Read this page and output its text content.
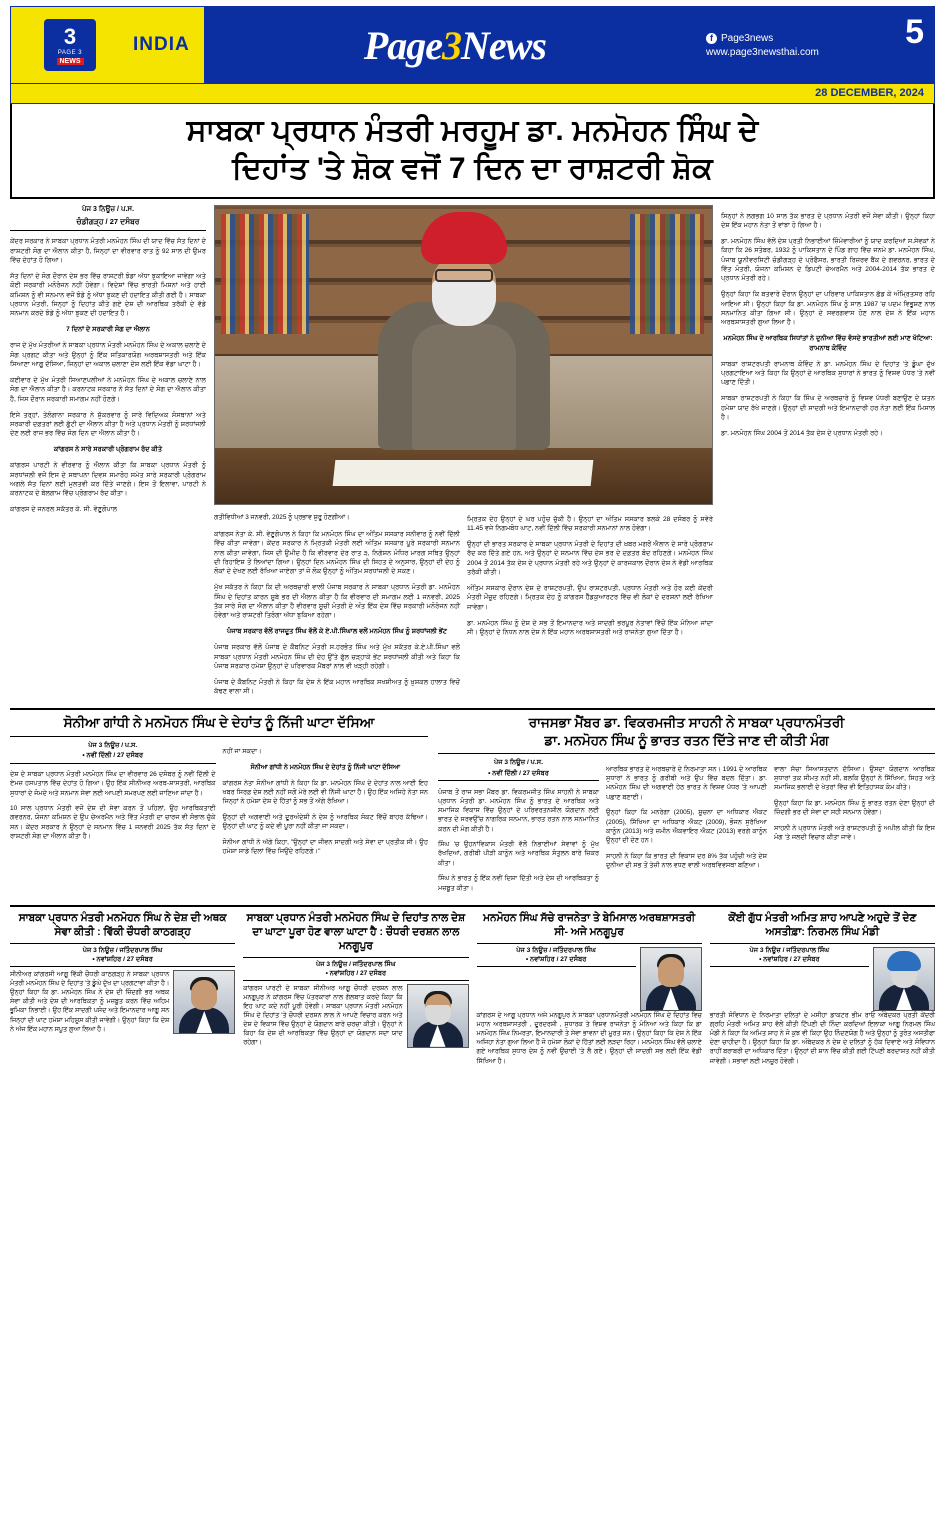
3
PAGE 3
NEWS
INDIA	Page3News	f Page3news
www.page3newsthai.com
5
28 DECEMBER, 2024
ਸਾਬਕਾ ਪ੍ਰਧਾਨ ਮੰਤਰੀ ਮਰਹੂਮ ਡਾ. ਮਨਮੋਹਨ ਸਿੰਘ ਦੇ
ਦਿਹਾਂਤ 'ਤੇ ਸ਼ੋਕ ਵਜੋਂ 7 ਦਿਨ ਦਾ ਰਾਸ਼ਟਰੀ ਸ਼ੋਕ
ਪੇਜ 3 ਨਿਊਜ਼ / ਪ.ਸ.
ਚੰਡੀਗੜ੍ਹ / 27 ਦਸੰਬਰ

ਕੇਂਦਰ ਸਰਕਾਰ ਨੇ ਸਾਬਕਾ ਪ੍ਰਧਾਨ ਮੰਤਰੀ ਮਨਮੋਹਨ ਸਿੰਘ ਦੀ ਯਾਦ ਵਿੱਚ ਸੱਤ ਦਿਨਾਂ ਦੇ ਰਾਸ਼ਟਰੀ ਸੋਗ ਦਾ ਐਲਾਨ ਕੀਤਾ ਹੈ, ਜਿਨ੍ਹਾਂ ਦਾ ਵੀਰਵਾਰ ਰਾਤ ਨੂੰ 92 ਸਾਲ ਦੀ ਉਮਰ ਵਿੱਚ ਦੇਹਾਂਤ ਹੋ ਗਿਆ।

ਸੱਤ ਦਿਨਾਂ ਦੇ ਸੋਗ ਦੌਰਾਨ ਦੇਸ਼ ਭਰ ਵਿੱਚ ਰਾਸ਼ਟਰੀ ਝੰਡਾ ਅੱਧਾ ਝੁਕਾਇਆ ਜਾਵੇਗਾ ਅਤੇ ਕੋਈ ਸਰਕਾਰੀ ਮਨੋਰੰਜਨ ਨਹੀਂ ਹੋਵੇਗਾ। ਵਿਦੇਸ਼ਾਂ ਵਿੱਚ ਭਾਰਤੀ ਮਿਸ਼ਨਾਂ ਅਤੇ ਹਾਈ ਕਮਿਸ਼ਨ ਨੂੰ ਵੀ ਸਨਮਾਨ ਵਜੋਂ ਝੰਡੇ ਨੂੰ ਅੱਧਾ ਝੁਕਣ ਦੀ ਹਦਾਇਤ ਕੀਤੀ ਗਈ ਹੈ। ਸਾਬਕਾ ਪ੍ਰਧਾਨ ਮੰਤਰੀ, ਜਿਨ੍ਹਾਂ ਨੂੰ ਦਿਹਾਂਤ ਕੀਤੇ ਗਏ ਦੇਸ਼ ਦੀ ਆਰਥਿਕ ਤਰੱਕੀ ਦੇ ਵੱਡੇ ਸਨਮਾਨ ਕਰਦੇ ਝੰਡੇ ਨੂੰ ਅੱਧਾ ਝੁਕਣ ਦੀ ਹਦਾਇਤ ਹੈ।

7 ਦਿਨਾਂ ਦੇ ਸਰਕਾਰੀ ਸੋਗ ਦਾ ਐਲਾਨ

ਰਾਜ ਦੇ ਮੁੱਖ ਮੰਤਰੀਆਂ ਨੇ ਸਾਬਕਾ ਪ੍ਰਧਾਨ ਮੰਤਰੀ ਮਨਮੋਹਨ ਸਿੰਘ ਦੇ ਅਕਾਲ ਚਲਾਣੇ ਦੇ ਸੋਗ ਪ੍ਰਗਟ ਕੀਤਾ ਅਤੇ ਉਨ੍ਹਾਂ ਨੂੰ ਇੱਕ ਸਤਿਕਾਰਯੋਗ ਅਰਥਸ਼ਾਸਤਰੀ ਅਤੇ ਇੱਕ ਸਿਆਣਾ ਆਗੂ ਦੱਸਿਆ, ਜਿਨ੍ਹਾਂ ਦਾ ਅਕਾਲ ਚਲਾਣਾ ਦੇਸ਼ ਲਈ ਇੱਕ ਵੱਡਾ ਘਾਟਾ ਹੈ।

ਕਈਵਾਰ ਦੇ ਮੁੱਖ ਮੰਤਰੀ ਸਿਆਣਪਲੀਆਂ ਨੇ ਮਨਮੋਹਨ ਸਿੰਘ ਦੇ ਅਕਾਲ ਚਲਾਣੇ ਨਾਲ ਸੋਗ ਦਾ ਐਲਾਨ ਕੀਤਾ ਹੈ। ਕਰਨਾਟਕ ਸਰਕਾਰ ਨੇ ਸੱਤ ਦਿਨਾਂ ਦੇ ਸੋਗ ਦਾ ਐਲਾਨ ਕੀਤਾ ਹੈ, ਜਿਸ ਦੌਰਾਨ ਸਰਕਾਰੀ ਸਮਾਗਮ ਨਹੀਂ ਹੋਣਗੇ।

ਇਸੇ ਤਰ੍ਹਾਂ, ਤੇਲੰਗਾਨਾ ਸਰਕਾਰ ਨੇ ਸ਼ੁੱਕਰਵਾਰ ਨੂੰ ਸਾਰੇ ਵਿਦਿਅਕ ਸੰਸਥਾਨਾਂ ਅਤੇ ਸਰਕਾਰੀ ਦਫ਼ਤਰਾਂ ਲਈ ਛੁੱਟੀ ਦਾ ਐਲਾਨ ਕੀਤਾ ਹੈ ਅਤੇ ਪ੍ਰਧਾਨ ਮੰਤਰੀ ਨੂੰ ਸ਼ਰਧਾਂਜਲੀ ਦੇਣ ਲਈ ਰਾਜ ਭਰ ਵਿੱਚ ਸੋਗ ਦਿਨ ਦਾ ਐਲਾਨ ਕੀਤਾ ਹੈ।

ਕਾਂਗਰਸ ਨੇ ਸਾਰੇ ਸਰਕਾਰੀ ਪ੍ਰੋਗਰਾਮ ਰੱਦ ਕੀਤੇ

ਕਾਂਗਰਸ ਪਾਰਟੀ ਨੇ ਵੀਰਵਾਰ ਨੂੰ ਐਲਾਨ ਕੀਤਾ ਕਿ ਸਾਬਕਾ ਪ੍ਰਧਾਨ ਮੰਤਰੀ ਨੂੰ ਸ਼ਰਧਾਂਜਲੀ ਵਜੋਂ ਇਸ ਦੇ ਸਥਾਪਨਾ ਦਿਵਸ ਸਮਾਰੋਹ ਸਮੇਤ ਸਾਰੇ ਸਰਕਾਰੀ ਪ੍ਰੋਗਰਾਮ ਅਗਲੇ ਸੱਤ ਦਿਨਾਂ ਲਈ ਮੁਲਤਵੀ ਕਰ ਦਿੱਤੇ ਜਾਣਗੇ। ਇਸ ਤੋਂ ਇਲਾਵਾ, ਪਾਰਟੀ ਨੇ ਕਰਨਾਟਕ ਦੇ ਬੇਲਗਾਮ ਵਿੱਚ ਪ੍ਰੋਗਰਾਮ ਰੱਦ ਕੀਤਾ।

ਕਾਂਗਰਸ ਦੇ ਜਨਰਲ ਸਕੱਤਰ ਕੇ. ਸੀ. ਵੇਣੂਗੋਪਾਲ

ਗਤੀਵਿਧੀਆਂ 3 ਜਨਵਰੀ, 2025 ਨੂੰ ਪ੍ਰਭਾਵ ਸ਼ੁਰੂ ਹੋਣਗੀਆਂ।

ਕਾਂਗਰਸ ਨੇਤਾ ਕੇ. ਸੀ. ਵੇਣੂਗੋਪਾਲ ਨੇ ਕਿਹਾ ਕਿ ਮਨਮੋਹਨ ਸਿੰਘ ਦਾ ਅੰਤਿਮ ਸਸਕਾਰ ਸਨੀਵਾਰ ਨੂੰ ਨਵੀਂ ਦਿੱਲੀ ਵਿੱਚ ਕੀਤਾ ਜਾਵੇਗਾ। ਕੇਂਦਰ ਸਰਕਾਰ ਨੇ ਮ੍ਰਿਤਕੀ ਮੰਤਰੀ ਲਈ ਅੰਤਿਮ ਸਸਕਾਰ ਪੂਰੇ ਸਰਕਾਰੀ ਸਨਮਾਨ ਨਾਲ ਕੀਤਾ ਜਾਵੇਗਾ, ਜਿਸ ਦੀ ਉਮੀਦ ਹੈ ਕਿ ਵੀਰਵਾਰ ਦੇਰ ਰਾਤ ੩, ਨਿਗੇਸ਼ਨ ਮੰਧਿਰ ਮਾਰਗ ਸਥਿਤ ਉਨ੍ਹਾਂ ਦੀ ਰਿਹਾਇਸ਼ ਤੋਂ ਲਿਆਂਦਾ ਗਿਆ। ਉਨ੍ਹਾਂ ਦਿਨ ਮਨਮੋਹਨ ਸਿੰਘ ਦੀ ਸਿਹਤ ਦੇ ਅਨੁਸਾਰ, ਉਨ੍ਹਾਂ ਦੀ ਦੇਹ ਨੂੰ ਲੋਕਾਂ ਦੇ ਦੇਖਣ ਲਈ ਰੱਖਿਆ ਜਾਏਗਾ ਤਾਂ ਜੋ ਲੋਕ ਉਨ੍ਹਾਂ ਨੂੰ ਅੰਤਿਮ ਸ਼ਰਧਾਂਜਲੀ ਦੇ ਸਕਣ।

ਮੁੱਖ ਸਕੱਤਰ ਨੇ ਕਿਹਾ ਕਿ ਦੀ ਅਰਥਚਾਰੀ ਵਾਲੀ ਪੰਜਾਬ ਸਰਕਾਰ ਨੇ ਸਾਬਕਾ ਪ੍ਰਧਾਨ ਮੰਤਰੀ ਡਾ. ਮਨਮੋਹਨ ਸਿੰਘ ਦੇ ਦਿਹਾਂਤ ਕਾਰਨ ਸੂਬੇ ਭਰ ਦੀ ਐਲਾਨ ਕੀਤਾ ਹੈ ਕਿ ਵੀਰਵਾਰ ਦੀ ਸਮਾਗਮ ਲਈ 1 ਜਨਵਰੀ, 2025 ਤੱਕ ਸਾਰੇ ਸੋਗ ਦਾ ਐਲਾਨ ਕੀਤਾ ਹੈ ਵੀਰਵਾਰ ਸੂਚੀ ਮੰਤਰੀ ਦੇ ਅੰਤ ਇੱਕ ਦੇਸ਼ ਵਿੱਚ ਸਰਕਾਰੀ ਮਨੋਰੰਜਨ ਨਹੀਂ ਹੋਵੇਗਾ ਅਤੇ ਰਾਸ਼ਟਰੀ ਤਿਰੰਗਾ ਅੱਧਾ ਝੁਕਿਆ ਰਹੇਗਾ।

ਪੰਜਾਬ ਸਰਕਾਰ ਵੱਲੋਂ ਰਾਜਦੂਤ ਸਿੰਘ ਵੱਲੋਂ ਕੇ ਏ.ਪੀ.ਸਿੰਘਾਲ ਵਲੋਂ ਮਨਮੋਹਨ ਸਿੰਘ ਨੂੰ ਸ਼ਰਧਾਂਜਲੀ ਭੇਂਟ

ਪੰਜਾਬ ਸਰਕਾਰ ਵੱਲੋਂ ਪੰਜਾਬ ਦੇ ਕੈਬਨਿਟ ਮੰਤਰੀ ਸ.ਹਰਭੰਤ ਸਿੰਘ ਅਤੇ ਮੁੱਖ ਸਕੱਤਰ ਕੇ.ਏ.ਪੀ.ਸਿੰਘਾ ਵਲੋਂ ਸਾਬਕਾ ਪ੍ਰਧਾਨ ਮੰਤਰੀ ਮਨਮੋਹਨ ਸਿੰਘ ਦੀ ਦੇਹ ਉੱਤੇ ਫੁੱਲ ਚੜ੍ਹਾਕੇ ਭੇਂਟ ਸ਼ਰਧਾਂਜਲੀ ਕੀਤੀ ਅਤੇ ਕਿਹਾ ਕਿ ਪੰਜਾਬ ਸਰਕਾਰ ਹਮੇਸ਼ਾ ਉਨ੍ਹਾਂ ਦੇ ਪਰਿਵਾਰਕ ਮੈਂਬਰਾਂ ਨਾਲ ਵੀ ਖੜ੍ਹੀ ਰਹੇਗੀ।

ਪੰਜਾਬ ਦੇ ਕੈਬਨਿਟ ਮੰਤਰੀ ਨੇ ਕਿਹਾ ਕਿ ਦੇਸ਼ ਨੇ ਇੱਕ ਮਹਾਨ ਆਰਥਿਕ ਸਖਸ਼ੀਅਤ ਨੂੰ ਖ਼ੁਸ਼ਕਲ ਹਾਲਾਤ ਵਿਚੋਂ ਕੱਢਣ ਵਾਲਾ ਸੀ।

ਮ੍ਰਿਤਕ ਦੇਹ ਉਨ੍ਹਾਂ ਦੇ ਘਰ ਪਹੁੰਚ ਚੁੱਕੀ ਹੈ। ਉਨ੍ਹਾਂ ਦਾ ਅੰਤਿਮ ਸਸਕਾਰ ਝਲਕੇ 28 ਦਸੰਬਰ ਨੂੰ ਸਵੇਰੇ 11.45 ਵਜੇ ਨਿਗਮਬੋਧ ਘਾਟ, ਨਵੀਂ ਦਿੱਲੀ ਵਿੱਚ ਸਰਕਾਰੀ ਸਨਮਾਨਾਂ ਨਾਲ ਹੋਵੇਗਾ।

ਉਨ੍ਹਾਂ ਦੀ ਭਾਰਤ ਸਰਕਾਰ ਦੇ ਸਾਬਕਾ ਪ੍ਰਧਾਨ ਮੰਤਰੀ ਦੇ ਦਿਹਾਂਤ ਦੀ ਖ਼ਬਰ ਮਗਰੋਂ ਐਲਾਨ ਦੇ ਸਾਰੇ ਪ੍ਰੋਗਰਾਮ ਰੱਦ ਕਰ ਦਿੱਤੇ ਗਏ ਹਨ, ਅਤੇ ਉਨ੍ਹਾਂ ਦੇ ਸਨਮਾਨ ਵਿੱਚ ਦੇਸ਼ ਭਰ ਦੇ ਦਫ਼ਤਰ ਬੰਦ ਰਹਿਣਗੇ। ਮਨਮੋਹਨ ਸਿੰਘ 2004 ਤੋਂ 2014 ਤੱਕ ਦੇਸ਼ ਦੇ ਪ੍ਰਧਾਨ ਮੰਤਰੀ ਰਹੇ ਅਤੇ ਉਨ੍ਹਾਂ ਦੇ ਕਾਰਜਕਾਲ ਦੌਰਾਨ ਦੇਸ਼ ਨੇ ਵੱਡੀ ਆਰਥਿਕ ਤਰੱਕੀ ਕੀਤੀ।

ਅੰਤਿਮ ਸਸਕਾਰ ਦੌਰਾਨ ਦੇਸ਼ ਦੇ ਰਾਸ਼ਟਰਪਤੀ, ਉਪ ਰਾਸ਼ਟਰਪਤੀ, ਪ੍ਰਧਾਨ ਮੰਤਰੀ ਅਤੇ ਹੋਰ ਕਈ ਕੇਂਦਰੀ ਮੰਤਰੀ ਮੌਜੂਦ ਰਹਿਣਗੇ। ਮ੍ਰਿਤਕ ਦੇਹ ਨੂੰ ਕਾਂਗਰਸ ਹੈੱਡਕੁਆਰਟਰ ਵਿੱਚ ਵੀ ਲੋਕਾਂ ਦੇ ਦਰਸ਼ਨਾਂ ਲਈ ਰੱਖਿਆ ਜਾਵੇਗਾ।

ਡਾ. ਮਨਮੋਹਨ ਸਿੰਘ ਨੂੰ ਦੇਸ਼ ਦੇ ਸਭ ਤੋਂ ਇਮਾਨਦਾਰ ਅਤੇ ਸਾਦਗੀ ਭਰਪੂਰ ਨੇਤਾਵਾਂ ਵਿੱਚੋਂ ਇੱਕ ਮੰਨਿਆ ਜਾਂਦਾ ਸੀ। ਉਨ੍ਹਾਂ ਦੇ ਨਿਧਨ ਨਾਲ ਦੇਸ਼ ਨੇ ਇੱਕ ਮਹਾਨ ਅਰਥਸ਼ਾਸਤਰੀ ਅਤੇ ਰਾਜਨੇਤਾ ਗੁਆ ਦਿੱਤਾ ਹੈ।

ਸਿਨ੍ਹਾਂ ਨੇ ਲਗਭਗ 10 ਸਾਲ ਤੱਕ ਭਾਰਤ ਦੇ ਪ੍ਰਧਾਨ ਮੰਤਰੀ ਵਜੋਂ ਸੇਵਾ ਕੀਤੀ। ਉਨ੍ਹਾਂ ਕਿਹਾ ਦੇਸ਼ ਇੱਕ ਮਹਾਨ ਨੇਤਾ ਤੋਂ ਵਾਂਝਾ ਹੋ ਗਿਆ ਹੈ।

ਡਾ. ਮਨਮੋਹਨ ਸਿੰਘ ਵੱਲੋਂ ਦੇਸ਼ ਪ੍ਰਤੀ ਨਿਭਾਈਆਂ ਜ਼ਿੰਮੇਵਾਰੀਆਂ ਨੂੰ ਯਾਦ ਕਰਦਿਆਂ ਸ.ਸੇਵਕਾਂ ਨੇ ਕਿਹਾ ਕਿ 26 ਸਤੰਬਰ, 1932 ਨੂੰ ਪਾਕਿਸਤਾਨ ਦੇ ਪਿੰਡ ਗਾਹ ਵਿੱਚ ਜਨਮੇ ਡਾ. ਮਨਮੋਹਨ ਸਿੰਘ, ਪੰਜਾਬ ਯੂਨੀਵਰਸਿਟੀ ਚੰਡੀਗੜ੍ਹ ਦੇ ਪ੍ਰੋਫੈਸਰ, ਭਾਰਤੀ ਰਿਜ਼ਰਵ ਬੈਂਕ ਦੇ ਗਵਰਨਰ, ਭਾਰਤ ਦੇ ਵਿੱਤ ਮੰਤਰੀ, ਯੋਜਨਾ ਕਮਿਸ਼ਨ ਦੇ ਡਿਪਟੀ ਚੇਅਰਮੈਨ ਅਤੇ 2004-2014 ਤੱਕ ਭਾਰਤ ਦੇ ਪ੍ਰਧਾਨ ਮੰਤਰੀ ਰਹੇ।

ਉਨ੍ਹਾਂ ਕਿਹਾ ਕਿ ਬਤਵਾਰੇ ਦੌਰਾਨ ਉਨ੍ਹਾਂ ਦਾ ਪਰਿਵਾਰ ਪਾਕਿਸਤਾਨ ਛੱਡ ਕੇ ਅੰਮ੍ਰਿਤਸਰ ਰਹਿ ਆਇਆ ਸੀ। ਉਨ੍ਹਾਂ ਕਿਹਾ ਕਿ ਡਾ. ਮਨਮੋਹਨ ਸਿੰਘ ਨੂੰ ਸਾਲ 1987 'ਚ ਪਦਮ ਵਿਭੂਸ਼ਣ ਨਾਲ ਸਨਮਾਨਿਤ ਕੀਤਾ ਗਿਆ ਸੀ। ਉਨ੍ਹਾਂ ਦੇ ਸਵਰਗਵਾਸ ਹੋਣ ਨਾਲ ਦੇਸ਼ ਨੇ ਇੱਕ ਮਹਾਨ ਅਰਥਸ਼ਾਸਤਰੀ ਗੁਆ ਲਿਆ ਹੈ।

ਮਨਮੋਹਨ ਸਿੰਘ ਦੇ ਆਰਥਿਕ ਸਿਧਾਂਤਾਂ ਨੇ ਦੁਨੀਆ ਵਿੱਚ ਵੱਸਦੇ ਭਾਰਤੀਆਂ ਲਈ ਮਾਣ ਖੱਟਿਆ: ਰਾਮਨਾਥ ਕੋਵਿੰਦ

ਸਾਬਕਾ ਰਾਸ਼ਟਰਪਤੀ ਰਾਮਨਾਥ ਕੋਵਿੰਦ ਨੇ ਡਾ. ਮਨਮੋਹਨ ਸਿੰਘ ਦੇ ਦਿਹਾਂਤ 'ਤੇ ਡੂੰਘਾ ਦੁੱਖ ਪ੍ਰਗਟਾਇਆ ਅਤੇ ਕਿਹਾ ਕਿ ਉਨ੍ਹਾਂ ਦੇ ਆਰਥਿਕ ਸੁਧਾਰਾਂ ਨੇ ਭਾਰਤ ਨੂੰ ਵਿਸ਼ਵ ਪੱਧਰ 'ਤੇ ਨਵੀਂ ਪਛਾਣ ਦਿੱਤੀ।

ਸਾਬਕਾ ਰਾਸ਼ਟਰਪਤੀ ਨੇ ਕਿਹਾ ਕਿ ਸਿੰਘ ਦੇ ਅਰਥਚਾਰੇ ਨੂੰ ਵਿਸ਼ਵ ਪੱਧਰੀ ਬਣਾਉਣ ਦੇ ਯਤਨ ਹਮੇਸ਼ਾ ਯਾਦ ਰੱਖੇ ਜਾਣਗੇ। ਉਨ੍ਹਾਂ ਦੀ ਸਾਦਗੀ ਅਤੇ ਇਮਾਨਦਾਰੀ ਹਰ ਨੇਤਾ ਲਈ ਇੱਕ ਮਿਸਾਲ ਹੈ।

ਡਾ. ਮਨਮੋਹਨ ਸਿੰਘ 2004 ਤੋਂ 2014 ਤੱਕ ਦੇਸ਼ ਦੇ ਪ੍ਰਧਾਨ ਮੰਤਰੀ ਰਹੇ।

ਸੋਨੀਆ ਗਾਂਧੀ ਨੇ ਮਨਮੋਹਨ ਸਿੰਘ ਦੇ ਦੇਹਾਂਤ ਨੂੰ ਨਿੱਜੀ ਘਾਟਾ ਦੱਸਿਆ
ਪੇਜ 3 ਨਿਊਜ਼ / ਪ.ਸ.
• ਨਵੀਂ ਦਿੱਲੀ / 27 ਦਸੰਬਰ

ਦੇਸ਼ ਦੇ ਸਾਬਕਾ ਪ੍ਰਧਾਨ ਮੰਤਰੀ ਮਨਮੋਹਨ ਸਿੰਘ ਦਾ ਵੀਰਵਾਰ 26 ਦਸੰਬਰ ਨੂੰ ਨਵੀਂ ਦਿੱਲੀ ਦੇ ਏਮਜ਼ ਹਸਪਤਾਲ ਵਿੱਚ ਦੇਹਾਂਤ ਹੋ ਗਿਆ। ਉਹ ਇੱਕ ਸੀਨੀਅਰ ਅਰਥ-ਸ਼ਾਸਤਰੀ, ਆਰਥਿਕ ਸੁਧਾਰਾਂ ਦੇ ਜੰਮਦੇ ਅਤੇ ਸਨਮਾਨ ਸੇਵਾ ਲਈ ਆਪਣੀ ਸਮਰਪਣ ਲਈ ਜਾਣਿਆ ਜਾਂਦਾ ਹੈ।

10 ਸਾਲ ਪ੍ਰਧਾਨ ਮੰਤਰੀ ਵਜੋਂ ਦੇਸ਼ ਦੀ ਸੇਵਾ ਕਰਨ ਤੋਂ ਪਹਿਲਾਂ, ਉਹ ਆਰਥਿਕਤਾਈ ਗਵਰਨਰ, ਯੋਜਨਾ ਕਮਿਸ਼ਨ ਦੇ ਉਪ ਚੇਅਰਮੈਨ ਅਤੇ ਵਿੱਤ ਮੰਤਰੀ ਦਾ ਚਾਰਜ ਵੀ ਸੰਭਾਲ ਚੁੱਕੇ ਸਨ। ਕੇਂਦਰ ਸਰਕਾਰ ਨੇ ਉਨ੍ਹਾਂ ਦੇ ਸਨਮਾਨ ਵਿੱਚ 1 ਜਨਵਰੀ 2025 ਤੱਕ ਸੱਤ ਦਿਨਾਂ ਦੇ ਰਾਸ਼ਟਰੀ ਸੋਗ ਦਾ ਐਲਾਨ ਕੀਤਾ ਹੈ।

ਨਹੀਂ ਜਾ ਸਕਦਾ।

ਸੋਨੀਆ ਗਾਂਧੀ ਨੇ ਮਨਮੋਹਨ ਸਿੰਘ ਦੇ ਦੇਹਾਂਤ ਨੂੰ ਨਿੱਜੀ ਘਾਟਾ ਦੱਸਿਆ

ਕਾਂਗਰਸ ਨੇਤਾ ਸੋਨੀਆ ਗਾਂਧੀ ਨੇ ਕਿਹਾ ਕਿ ਡਾ. ਮਨਮੋਹਨ ਸਿੰਘ ਦੇ ਦੇਹਾਂਤ ਨਾਲ ਆਈ ਇਹ ਖਬਰ ਸਿਰਫ਼ ਦੇਸ਼ ਲਈ ਨਹੀਂ ਸਗੋਂ ਮੇਰੇ ਲਈ ਵੀ ਨਿੱਜੀ ਘਾਟਾ ਹੈ। ਉਹ ਇੱਕ ਅਜਿਹੇ ਨੇਤਾ ਸਨ ਜਿਨ੍ਹਾਂ ਨੇ ਹਮੇਸ਼ਾ ਦੇਸ਼ ਦੇ ਹਿੱਤਾਂ ਨੂੰ ਸਭ ਤੋਂ ਅੱਗੇ ਰੱਖਿਆ।

ਉਨ੍ਹਾਂ ਦੀ ਅਗਵਾਈ ਅਤੇ ਦੂਰਅੰਦੇਸ਼ੀ ਨੇ ਦੇਸ਼ ਨੂੰ ਆਰਥਿਕ ਸੰਕਟ ਵਿੱਚੋਂ ਬਾਹਰ ਕੱਢਿਆ। ਉਨ੍ਹਾਂ ਦੀ ਘਾਟ ਨੂੰ ਕਦੇ ਵੀ ਪੂਰਾ ਨਹੀਂ ਕੀਤਾ ਜਾ ਸਕਦਾ।

ਸੋਨੀਆ ਗਾਂਧੀ ਨੇ ਅੱਗੇ ਕਿਹਾ, "ਉਨ੍ਹਾਂ ਦਾ ਜੀਵਨ ਸਾਦਗੀ ਅਤੇ ਸੇਵਾ ਦਾ ਪ੍ਰਤੀਕ ਸੀ। ਉਹ ਹਮੇਸ਼ਾ ਸਾਡੇ ਦਿਲਾਂ ਵਿੱਚ ਜਿਉਂਦੇ ਰਹਿਣਗੇ।"

ਰਾਜਸਭਾ ਮੈਂਬਰ ਡਾ. ਵਿਕਰਮਜੀਤ ਸਾਹਨੀ ਨੇ ਸਾਬਕਾ ਪ੍ਰਧਾਨਮੰਤਰੀ
ਡਾ. ਮਨਮੋਹਨ ਸਿੰਘ ਨੂੰ ਭਾਰਤ ਰਤਨ ਦਿੱਤੇ ਜਾਣ ਦੀ ਕੀਤੀ ਮੰਗ
ਪੇਜ 3 ਨਿਊਜ਼ / ਪ.ਸ.
• ਨਵੀਂ ਦਿੱਲੀ / 27 ਦਸੰਬਰ

ਪੰਜਾਬ ਤੋਂ ਰਾਜ ਸਭਾ ਮੈਂਬਰ ਡਾ. ਵਿਕਰਮਜੀਤ ਸਿੰਘ ਸਾਹਨੀ ਨੇ ਸਾਬਕਾ ਪ੍ਰਧਾਨ ਮੰਤਰੀ ਡਾ. ਮਨਮੋਹਨ ਸਿੰਘ ਨੂੰ ਭਾਰਤ ਦੇ ਆਰਥਿਕ ਅਤੇ ਸਮਾਜਿਕ ਵਿਕਾਸ ਵਿੱਚ ਉਨ੍ਹਾਂ ਦੇ ਪਰਿਵਰਤਨਸ਼ੀਲ ਯੋਗਦਾਨ ਲਈ ਭਾਰਤ ਦੇ ਸਰਵਉੱਚ ਨਾਗਰਿਕ ਸਨਮਾਨ, ਭਾਰਤ ਰਤਨ ਨਾਲ ਸਨਮਾਨਿਤ ਕਰਨ ਦੀ ਮੰਗ ਕੀਤੀ ਹੈ।

ਸਿੰਘ 'ਚ ਉਹਨਾਂਵਿਕਾਸ ਮੰਤਰੀ ਵੱਲੋਂ ਨਿਭਾਈਆਂ ਸੇਵਾਵਾਂ ਨੂੰ ਮੁੱਖ ਰੱਖਦਿਆਂ, ਗਰੀਬੀ ਪੀੜੀ ਕਾਨੂੰਨ ਅਤੇ ਆਰਥਿਕ ਸੰਤੁਲਨ ਬਾਰੇ ਜ਼ਿਕਰ ਕੀਤਾ।

ਸਿੰਘ ਨੇ ਭਾਰਤ ਨੂੰ ਇੱਕ ਨਵੀਂ ਦਿਸ਼ਾ ਦਿੱਤੀ ਅਤੇ ਦੇਸ਼ ਦੀ ਆਰਥਿਕਤਾ ਨੂੰ ਮਜ਼ਬੂਤ ਕੀਤਾ।

ਆਰਥਿਕ ਭਾਰਤ ਦੇ ਅਰਥਚਾਰੇ ਦੇ ਨਿਰਮਾਤਾ ਸਨ। 1991 ਦੇ ਆਰਥਿਕ ਸੁਧਾਰਾਂ ਨੇ ਭਾਰਤ ਨੂੰ ਗਰੀਬੀ ਅਤੇ ਉਪ ਵਿੱਚ ਬਦਲ ਦਿੱਤਾ। ਡਾ. ਮਨਮੋਹਨ ਸਿੰਘ ਦੀ ਅਗਵਾਈ ਹੇਠ ਭਾਰਤ ਨੇ ਵਿਸ਼ਵ ਪੱਧਰ 'ਤੇ ਆਪਣੀ ਪਛਾਣ ਬਣਾਈ।

ਉਨ੍ਹਾਂ ਕਿਹਾ ਕਿ ਮਨਰੇਗਾ (2005), ਸੂਚਨਾ ਦਾ ਅਧਿਕਾਰ ਐਕਟ (2005), ਸਿੱਖਿਆ ਦਾ ਅਧਿਕਾਰ ਐਕਟ (2009), ਭੋਜਨ ਸੁਰੱਖਿਆ ਕਾਨੂੰਨ (2013) ਅਤੇ ਜ਼ਮੀਨ ਐਕਵਾਇਰ ਐਕਟ (2013) ਵਰਗੇ ਕਾਨੂੰਨ ਉਨ੍ਹਾਂ ਦੀ ਦੇਣ ਹਨ।

ਸਾਹਨੀ ਨੇ ਕਿਹਾ ਕਿ ਭਾਰਤ ਦੀ ਵਿਕਾਸ ਦਰ 8% ਤੱਕ ਪਹੁੰਚੀ ਅਤੇ ਦੇਸ਼ ਦੁਨੀਆ ਦੀ ਸਭ ਤੋਂ ਤੇਜ਼ੀ ਨਾਲ ਵਧਣ ਵਾਲੀ ਅਰਥਵਿਵਸਥਾ ਬਣਿਆ।

ਵਾਲਾ ਸੱਚਾ ਸਿਆਸਤਦਾਨ ਦੱਸਿਆ। ਉਸਦਾ ਯੋਗਦਾਨ ਆਰਥਿਕ ਸੁਧਾਰਾਂ ਤਕ ਸੀਮਤ ਨਹੀਂ ਸੀ, ਬਲਕਿ ਉਨ੍ਹਾਂ ਨੇ ਸਿੱਖਿਆ, ਸਿਹਤ ਅਤੇ ਸਮਾਜਿਕ ਭਲਾਈ ਦੇ ਖੇਤਰਾਂ ਵਿੱਚ ਵੀ ਇਤਿਹਾਸਕ ਕੰਮ ਕੀਤੇ।

ਉਨ੍ਹਾਂ ਕਿਹਾ ਕਿ ਡਾ. ਮਨਮੋਹਨ ਸਿੰਘ ਨੂੰ ਭਾਰਤ ਰਤਨ ਦੇਣਾ ਉਨ੍ਹਾਂ ਦੀ ਜ਼ਿੰਦਗੀ ਭਰ ਦੀ ਸੇਵਾ ਦਾ ਸਹੀ ਸਨਮਾਨ ਹੋਵੇਗਾ।

ਸਾਹਨੀ ਨੇ ਪ੍ਰਧਾਨ ਮੰਤਰੀ ਅਤੇ ਰਾਸ਼ਟਰਪਤੀ ਨੂੰ ਅਪੀਲ ਕੀਤੀ ਕਿ ਇਸ ਮੰਗ 'ਤੇ ਜਲਦੀ ਵਿਚਾਰ ਕੀਤਾ ਜਾਵੇ।

ਸਾਬਕਾ ਪ੍ਰਧਾਨ ਮੰਤਰੀ ਮਨਮੋਹਨ ਸਿੰਘ ਨੇ ਦੇਸ਼ ਦੀ ਅਥਕ ਸੇਵਾ ਕੀਤੀ : ਵਿੱਕੀ ਚੌਧਰੀ ਕਾਠਗੜ੍ਹ
ਪੇਜ 3 ਨਿਊਜ਼ / ਜਤਿੰਦਰਪਾਲ ਸਿੰਘ
• ਨਵਾਂਸ਼ਹਿਰ / 27 ਦਸੰਬਰ
ਸੀਨੀਅਰ ਕਾਂਗਰਸੀ ਆਗੂ ਵਿੱਕੀ ਚੌਧਰੀ ਕਾਠਗੜ੍ਹ ਨੇ ਸਾਬਕਾ ਪ੍ਰਧਾਨ ਮੰਤਰੀ ਮਨਮੋਹਨ ਸਿੰਘ ਦੇ ਦਿਹਾਂਤ 'ਤੇ ਡੂੰਘੇ ਦੁੱਖ ਦਾ ਪ੍ਰਗਟਾਵਾ ਕੀਤਾ ਹੈ। ਉਨ੍ਹਾਂ ਕਿਹਾ ਕਿ ਡਾ. ਮਨਮੋਹਨ ਸਿੰਘ ਨੇ ਦੇਸ਼ ਦੀ ਜ਼ਿੰਦਗੀ ਭਰ ਅਥਕ ਸੇਵਾ ਕੀਤੀ ਅਤੇ ਦੇਸ਼ ਦੀ ਆਰਥਿਕਤਾ ਨੂੰ ਮਜ਼ਬੂਤ ਕਰਨ ਵਿੱਚ ਅਹਿਮ ਭੂਮਿਕਾ ਨਿਭਾਈ। ਉਹ ਇੱਕ ਸਾਦਗੀ ਪਸੰਦ ਅਤੇ ਇਮਾਨਦਾਰ ਆਗੂ ਸਨ ਜਿਨ੍ਹਾਂ ਦੀ ਘਾਟ ਹਮੇਸ਼ਾ ਮਹਿਸੂਸ ਕੀਤੀ ਜਾਵੇਗੀ। ਉਨ੍ਹਾਂ ਕਿਹਾ ਕਿ ਦੇਸ਼ ਨੇ ਅੱਜ ਇੱਕ ਮਹਾਨ ਸਪੂਤ ਗੁਆ ਲਿਆ ਹੈ।
ਸਾਬਕਾ ਪ੍ਰਧਾਨ ਮੰਤਰੀ ਮਨਮੋਹਨ ਸਿੰਘ ਦੇ ਦਿਹਾਂਤ ਨਾਲ ਦੇਸ਼ ਦਾ ਘਾਟਾ ਪੂਰਾ ਹੋਣ ਵਾਲਾ ਘਾਟਾ ਹੈ : ਚੌਧਰੀ ਦਰਸ਼ਨ ਲਾਲ ਮਨਗੂਪੁਰ
ਪੇਜ 3 ਨਿਊਜ਼ / ਜਤਿੰਦਰਪਾਲ ਸਿੰਘ
• ਨਵਾਂਸ਼ਹਿਰ / 27 ਦਸੰਬਰ
ਕਾਂਗਰਸ ਪਾਰਟੀ ਦੇ ਸਾਬਕਾ ਸੀਨੀਅਰ ਆਗੂ ਚੌਧਰੀ ਦਰਸ਼ਨ ਲਾਲ ਮਨਗੂਪੁਰ ਨੇ ਕਾਂਗਰਸ ਵਿੱਚ ਪੱਤਰਕਾਰਾਂ ਨਾਲ ਗੱਲਬਾਤ ਕਰਦੇ ਕਿਹਾ ਕਿ ਇਹ ਘਾਟ ਕਦੇ ਨਹੀਂ ਪੂਰੀ ਹੋਵੇਗੀ। ਸਾਬਕਾ ਪ੍ਰਧਾਨ ਮੰਤਰੀ ਮਨਮੋਹਨ ਸਿੰਘ ਦੇ ਦਿਹਾਂਤ 'ਤੇ ਚੌਧਰੀ ਦਰਸ਼ਨ ਲਾਲ ਨੇ ਆਪਣੇ ਵਿਚਾਰ ਕਰਨ ਅਤੇ ਦੇਸ਼ ਦੇ ਵਿਕਾਸ ਵਿੱਚ ਉਨ੍ਹਾਂ ਦੇ ਯੋਗਦਾਨ ਬਾਰੇ ਚਰਚਾ ਕੀਤੀ। ਉਨ੍ਹਾਂ ਨੇ ਕਿਹਾ ਕਿ ਦੇਸ਼ ਦੀ ਆਰਥਿਕਤਾ ਵਿੱਚ ਉਨ੍ਹਾਂ ਦਾ ਯੋਗਦਾਨ ਸਦਾ ਯਾਦ ਰਹੇਗਾ।
ਮਨਮੋਹਨ ਸਿੰਘ ਸੱਚੇ ਰਾਜਨੇਤਾ ਤੇ ਬੇਮਿਸਾਲ ਅਰਥਸ਼ਾਸਤਰੀ ਸੀ- ਅਜੇ ਮਨਗੂਪੁਰ
ਪੇਜ 3 ਨਿਊਜ਼ / ਜਤਿੰਦਰਪਾਲ ਸਿੰਘ
• ਨਵਾਂਸ਼ਹਿਰ / 27 ਦਸੰਬਰ
ਕਾਂਗਰਸ ਦੇ ਆਗੂ ਪ੍ਰਧਾਨ ਅਜੇ ਮਨਗੂਪੁਰ ਨੇ ਸਾਬਕਾ ਪ੍ਰਧਾਨਮੰਤਰੀ ਮਨਮੋਹਨ ਸਿੰਘ ਦੇ ਦਿਹਾਂਤ ਵਿਚ ਮਹਾਨ ਅਰਥਸ਼ਾਸਤਰੀ , ਦੂਰਦਰਸ਼ੀ , ਸੁਧਾਰਕ ਤੇ ਵਿਸ਼ਵ ਰਾਜਨੇਤਾ ਨੂੰ ਮੰਨਿਆ ਅਤੇ ਕਿਹਾ ਕਿ ਡਾ ਮਨਮੋਹਨ ਸਿੰਘ ਨਿਮਰਤਾ, ਇਮਾਨਦਾਰੀ ਤੇ ਸੇਵਾ ਭਾਵਨਾ ਦੀ ਮੂਰਤ ਸਨ। ਉਨ੍ਹਾਂ ਕਿਹਾ ਕਿ ਦੇਸ਼ ਨੇ ਇੱਕ ਅਜਿਹਾ ਨੇਤਾ ਗੁਆ ਲਿਆ ਹੈ ਜੋ ਹਮੇਸ਼ਾ ਲੋਕਾਂ ਦੇ ਹਿੱਤਾਂ ਲਈ ਲੜਦਾ ਰਿਹਾ। ਮਨਮੋਹਨ ਸਿੰਘ ਵੱਲੋਂ ਚਲਾਏ ਗਏ ਆਰਥਿਕ ਸੁਧਾਰ ਦੇਸ਼ ਨੂੰ ਨਵੀਂ ਉਚਾਈ 'ਤੇ ਲੈ ਗਏ। ਉਨ੍ਹਾਂ ਦੀ ਸਾਦਗੀ ਸਭ ਲਈ ਇੱਕ ਵੱਡੀ ਸਿੱਖਿਆ ਹੈ।
ਕੋਂਈ ਗੁੱਧ ਮੰਤਰੀ ਅਮਿਤ ਸ਼ਾਹ ਆਪਣੇ ਅਹੁਦੇ ਤੋਂ ਦੇਣ ਅਸਤੀਫ਼ਾ: ਨਿਰਮਲ ਸਿੰਘ ਮੰਡੀ
ਪੇਜ 3 ਨਿਊਜ਼ / ਜਤਿੰਦਰਪਾਲ ਸਿੰਘ
• ਨਵਾਂਸ਼ਹਿਰ / 27 ਦਸੰਬਰ
ਭਾਰਤੀ ਸੰਵਿਧਾਨ ਦੇ ਨਿਰਮਾਤਾ ਦਲਿਤਾਂ ਦੇ ਮਸੀਹਾ ਡਾਕਟਰ ਭੀਮ ਰਾਓ ਅੰਬੇਦਕਰ ਪ੍ਰਤੀ ਕੇਂਦਰੀ ਗ੍ਰਹਿ ਮੰਤਰੀ ਅਮਿਤ ਸ਼ਾਹ ਵੱਲੋਂ ਕੀਤੀ ਟਿੱਪਣੀ ਦੀ ਨਿੰਦਾ ਕਰਦਿਆਂ ਇਲਾਕਾ ਆਗੂ ਨਿਰਮਲ ਸਿੰਘ ਮੰਡੀ ਨੇ ਕਿਹਾ ਕਿ ਅਮਿਤ ਸ਼ਾਹ ਨੇ ਜੋ ਕੁਝ ਵੀ ਕਿਹਾ ਉਹ ਨਿੰਦਣਯੋਗ ਹੈ ਅਤੇ ਉਨ੍ਹਾਂ ਨੂੰ ਤੁਰੰਤ ਅਸਤੀਫਾ ਦੇਣਾ ਚਾਹੀਦਾ ਹੈ। ਉਨ੍ਹਾਂ ਕਿਹਾ ਕਿ ਡਾ. ਅੰਬੇਦਕਰ ਨੇ ਦੇਸ਼ ਦੇ ਦਲਿਤਾਂ ਨੂੰ ਹੱਕ ਦਿਵਾਏ ਅਤੇ ਸੰਵਿਧਾਨ ਰਾਹੀਂ ਬਰਾਬਰੀ ਦਾ ਅਧਿਕਾਰ ਦਿੱਤਾ। ਉਨ੍ਹਾਂ ਦੀ ਸ਼ਾਨ ਵਿੱਚ ਕੀਤੀ ਗਈ ਟਿੱਪਣੀ ਬਰਦਾਸ਼ਤ ਨਹੀਂ ਕੀਤੀ ਜਾਵੇਗੀ। ਸਭਾਵਾਂ ਲਈ ਮਨਜ਼ੂਰ ਹੋਵੇਗੀ।
